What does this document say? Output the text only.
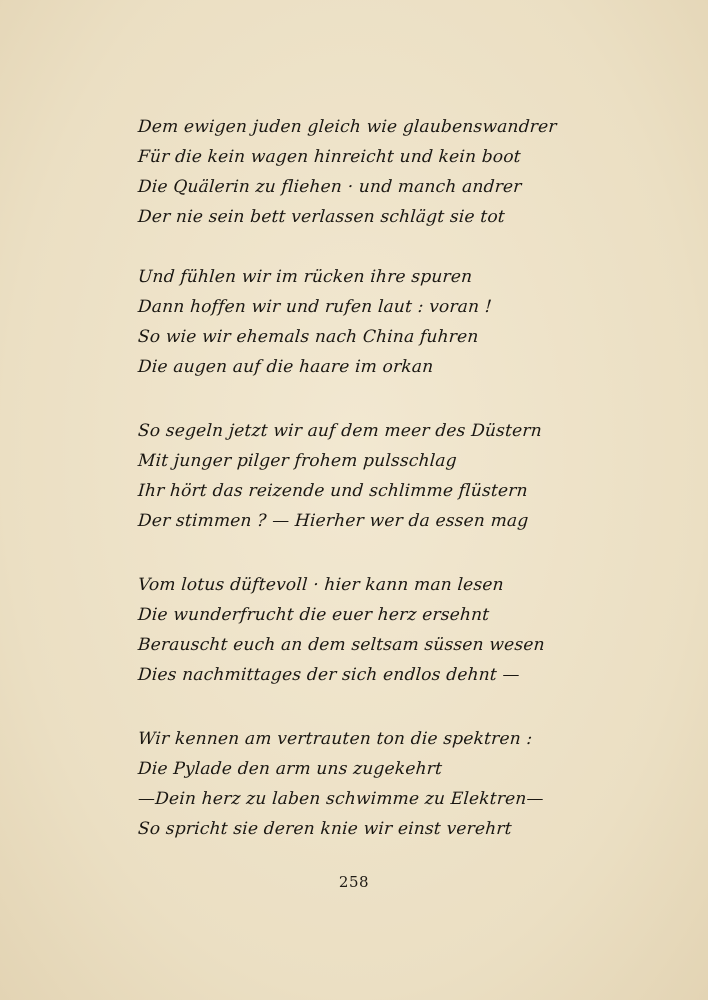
Dem ewigen juden gleich wie glaubenswandrer
Für die kein wagen hinreicht und kein boot
Die Quälerin zu fliehen · und manch andrer
Der nie sein bett verlassen schlägt sie tot
Und fühlen wir im rücken ihre spuren
Dann hoffen wir und rufen laut : voran !
So wie wir ehemals nach China fuhren
Die augen auf die haare im orkan
So segeln jetzt wir auf dem meer des Düstern
Mit junger pilger frohem pulsschlag
Ihr hört das reizende und schlimme flüstern
Der stimmen ? — Hierher wer da essen mag
Vom lotus düftevoll · hier kann man lesen
Die wunderfrucht die euer herz ersehnt
Berauscht euch an dem seltsam süssen wesen
Dies nachmittages der sich endlos dehnt —
Wir kennen am vertrauten ton die spektren :
Die Pylade den arm uns zugekehrt
—Dein herz zu laben schwimme zu Elektren—
So spricht sie deren knie wir einst verehrt
258
